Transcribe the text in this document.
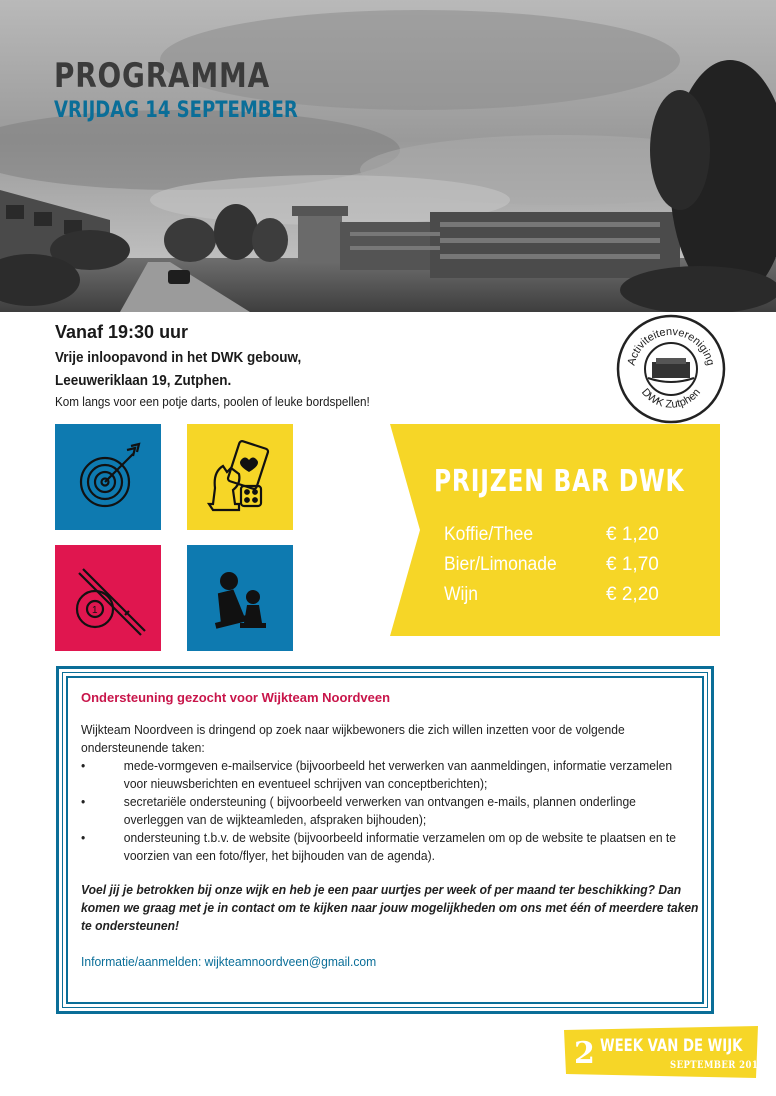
PROGRAMMA
VRIJDAG 14 SEPTEMBER
Vanaf 19:30 uur
Vrije inloopavond in het DWK gebouw,
Leeuweriklaan 19, Zutphen.
Kom langs voor een potje darts, poolen of leuke bordspellen!
Activiteitenvereniging
DWK Zutphen
1
PRIJZEN BAR DWK
Koffie/Thee	€ 1,20
Bier/Limonade	€ 1,70
Wijn	€ 2,20
Ondersteuning gezocht voor Wijkteam Noordveen
Wijkteam Noordveen is dringend op zoek naar wijkbewoners die zich willen inzetten voor de volgende ondersteunende taken:
•	mede-vormgeven e-mailservice (bijvoorbeeld het verwerken van aanmeldingen, informatie verzamelen voor nieuwsberichten en eventueel schrijven van conceptberichten);
•	secretariële ondersteuning ( bijvoorbeeld verwerken van ontvangen e-mails, plannen onderlinge overleggen van de wijkteamleden, afspraken bijhouden);
•	ondersteuning t.b.v. de website (bijvoorbeeld informatie verzamelen om op de website te plaatsen en te voorzien van een foto/flyer, het bijhouden van de agenda).
Voel jij je betrokken bij onze wijk en heb je een paar uurtjes per week of per maand ter beschikking? Dan komen we graag met je in contact om te kijken naar jouw mogelijkheden om ons met één of meerdere taken te ondersteunen!
Informatie/aanmelden: wijkteamnoordveen@gmail.com
2 WEEK VAN DE WIJK
SEPTEMBER 2018
